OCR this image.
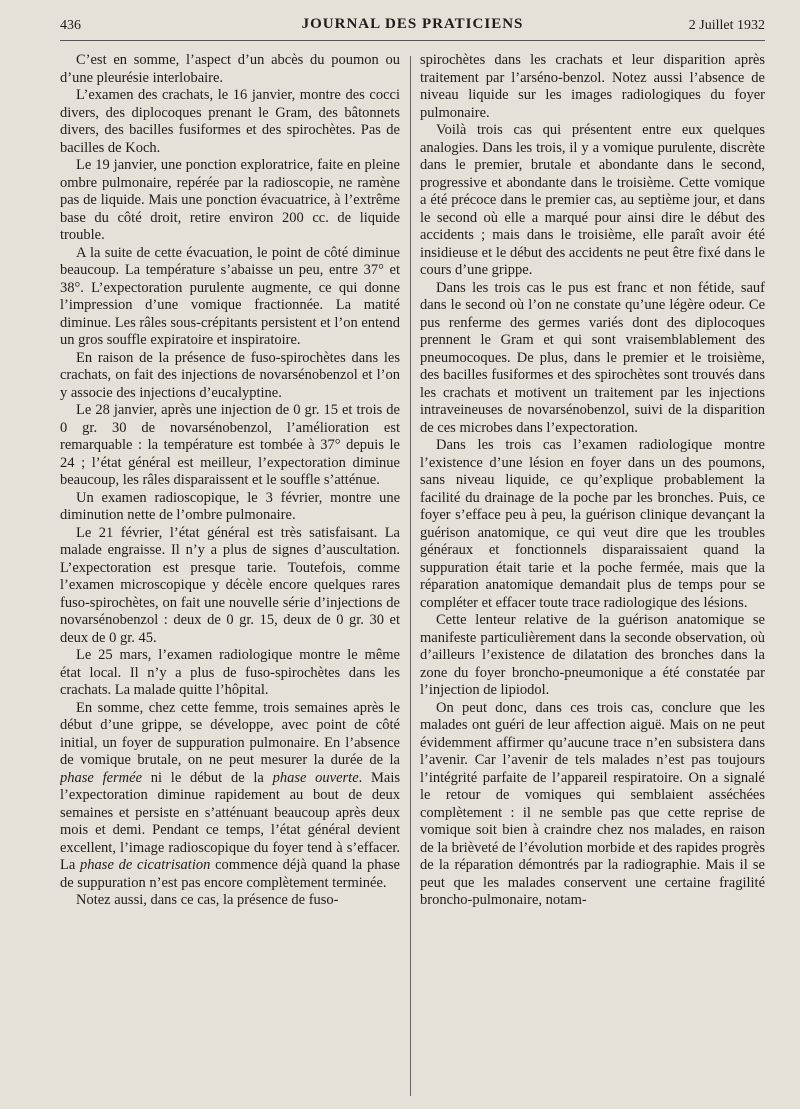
436	JOURNAL DES PRATICIENS	2 Juillet 1932

C’est en somme, l’aspect d’un abcès du poumon ou d’une pleurésie interlobaire.

L’examen des crachats, le 16 janvier, montre des cocci divers, des diplocoques prenant le Gram, des bâtonnets divers, des bacilles fusiformes et des spirochètes. Pas de bacilles de Koch.

Le 19 janvier, une ponction exploratrice, faite en pleine ombre pulmonaire, repérée par la radioscopie, ne ramène pas de liquide. Mais une ponction évacuatrice, à l’extrême base du côté droit, retire environ 200 cc. de liquide trouble.

A la suite de cette évacuation, le point de côté diminue beaucoup. La température s’abaisse un peu, entre 37° et 38°. L’expectoration purulente augmente, ce qui donne l’impression d’une vomique fractionnée. La matité diminue. Les râles sous-crépitants persistent et l’on entend un gros souffle expiratoire et inspiratoire.

En raison de la présence de fuso-spirochètes dans les crachats, on fait des injections de novarsénobenzol et l’on y associe des injections d’eucalyptine.

Le 28 janvier, après une injection de 0 gr. 15 et trois de 0 gr. 30 de novarsénobenzol, l’amélioration est remarquable : la température est tombée à 37° depuis le 24 ; l’état général est meilleur, l’expectoration diminue beaucoup, les râles disparaissent et le souffle s’atténue.

Un examen radioscopique, le 3 février, montre une diminution nette de l’ombre pulmonaire.

Le 21 février, l’état général est très satisfaisant. La malade engraisse. Il n’y a plus de signes d’auscultation. L’expectoration est presque tarie. Toutefois, comme l’examen microscopique y décèle encore quelques rares fuso-spirochètes, on fait une nouvelle série d’injections de novarsénobenzol : deux de 0 gr. 15, deux de 0 gr. 30 et deux de 0 gr. 45.

Le 25 mars, l’examen radiologique montre le même état local. Il n’y a plus de fuso-spirochètes dans les crachats. La malade quitte l’hôpital.

En somme, chez cette femme, trois semaines après le début d’une grippe, se développe, avec point de côté initial, un foyer de suppuration pulmonaire. En l’absence de vomique brutale, on ne peut mesurer la durée de la phase fermée ni le début de la phase ouverte. Mais l’expectoration diminue rapidement au bout de deux semaines et persiste en s’atténuant beaucoup après deux mois et demi. Pendant ce temps, l’état général devient excellent, l’image radioscopique du foyer tend à s’effacer. La phase de cicatrisation commence déjà quand la phase de suppuration n’est pas encore complètement terminée.

Notez aussi, dans ce cas, la présence de fuso-

spirochètes dans les crachats et leur disparition après traitement par l’arséno-benzol. Notez aussi l’absence de niveau liquide sur les images radiologiques du foyer pulmonaire.

Voilà trois cas qui présentent entre eux quelques analogies. Dans les trois, il y a vomique purulente, discrète dans le premier, brutale et abondante dans le second, progressive et abondante dans le troisième. Cette vomique a été précoce dans le premier cas, au septième jour, et dans le second où elle a marqué pour ainsi dire le début des accidents ; mais dans le troisième, elle paraît avoir été insidieuse et le début des accidents ne peut être fixé dans le cours d’une grippe.

Dans les trois cas le pus est franc et non fétide, sauf dans le second où l’on ne constate qu’une légère odeur. Ce pus renferme des germes variés dont des diplocoques prennent le Gram et qui sont vraisemblablement des pneumocoques. De plus, dans le premier et le troisième, des bacilles fusiformes et des spirochètes sont trouvés dans les crachats et motivent un traitement par les injections intraveineuses de novarsénobenzol, suivi de la disparition de ces microbes dans l’expectoration.

Dans les trois cas l’examen radiologique montre l’existence d’une lésion en foyer dans un des poumons, sans niveau liquide, ce qu’explique probablement la facilité du drainage de la poche par les bronches. Puis, ce foyer s’efface peu à peu, la guérison clinique devançant la guérison anatomique, ce qui veut dire que les troubles généraux et fonctionnels disparaissaient quand la suppuration était tarie et la poche fermée, mais que la réparation anatomique demandait plus de temps pour se compléter et effacer toute trace radiologique des lésions.

Cette lenteur relative de la guérison anatomique se manifeste particulièrement dans la seconde observation, où d’ailleurs l’existence de dilatation des bronches dans la zone du foyer broncho-pneumonique a été constatée par l’injection de lipiodol.

On peut donc, dans ces trois cas, conclure que les malades ont guéri de leur affection aiguë. Mais on ne peut évidemment affirmer qu’aucune trace n’en subsistera dans l’avenir. Car l’avenir de tels malades n’est pas toujours l’intégrité parfaite de l’appareil respiratoire. On a signalé le retour de vomiques qui semblaient asséchées complètement : il ne semble pas que cette reprise de vomique soit bien à craindre chez nos malades, en raison de la brièveté de l’évolution morbide et des rapides progrès de la réparation démontrés par la radiographie. Mais il se peut que les malades conservent une certaine fragilité broncho-pulmonaire, notam-
